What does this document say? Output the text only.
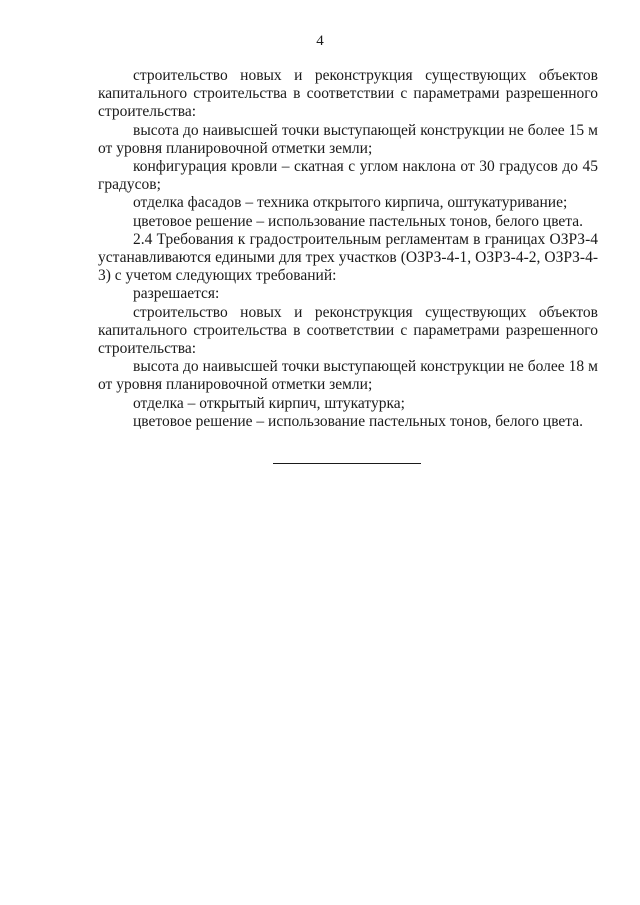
4

строительство новых и реконструкция существующих объектов капитального строительства в соответствии с параметрами разрешенного строительства:

высота до наивысшей точки выступающей конструкции не более 15 м от уровня планировочной отметки земли;

конфигурация кровли – скатная с углом наклона от 30 градусов до 45 градусов;

отделка фасадов – техника открытого кирпича, оштукатуривание;

цветовое решение – использование пастельных тонов, белого цвета.

2.4 Требования к градостроительным регламентам в границах ОЗРЗ-4 устанавливаются едиными для трех участков (ОЗРЗ-4-1, ОЗРЗ-4-2, ОЗРЗ-4-3) с учетом следующих требований:

разрешается:

строительство новых и реконструкция существующих объектов капитального строительства в соответствии с параметрами разрешенного строительства:

высота до наивысшей точки выступающей конструкции не более 18 м от уровня планировочной отметки земли;

отделка – открытый кирпич, штукатурка;

цветовое решение – использование пастельных тонов, белого цвета.
